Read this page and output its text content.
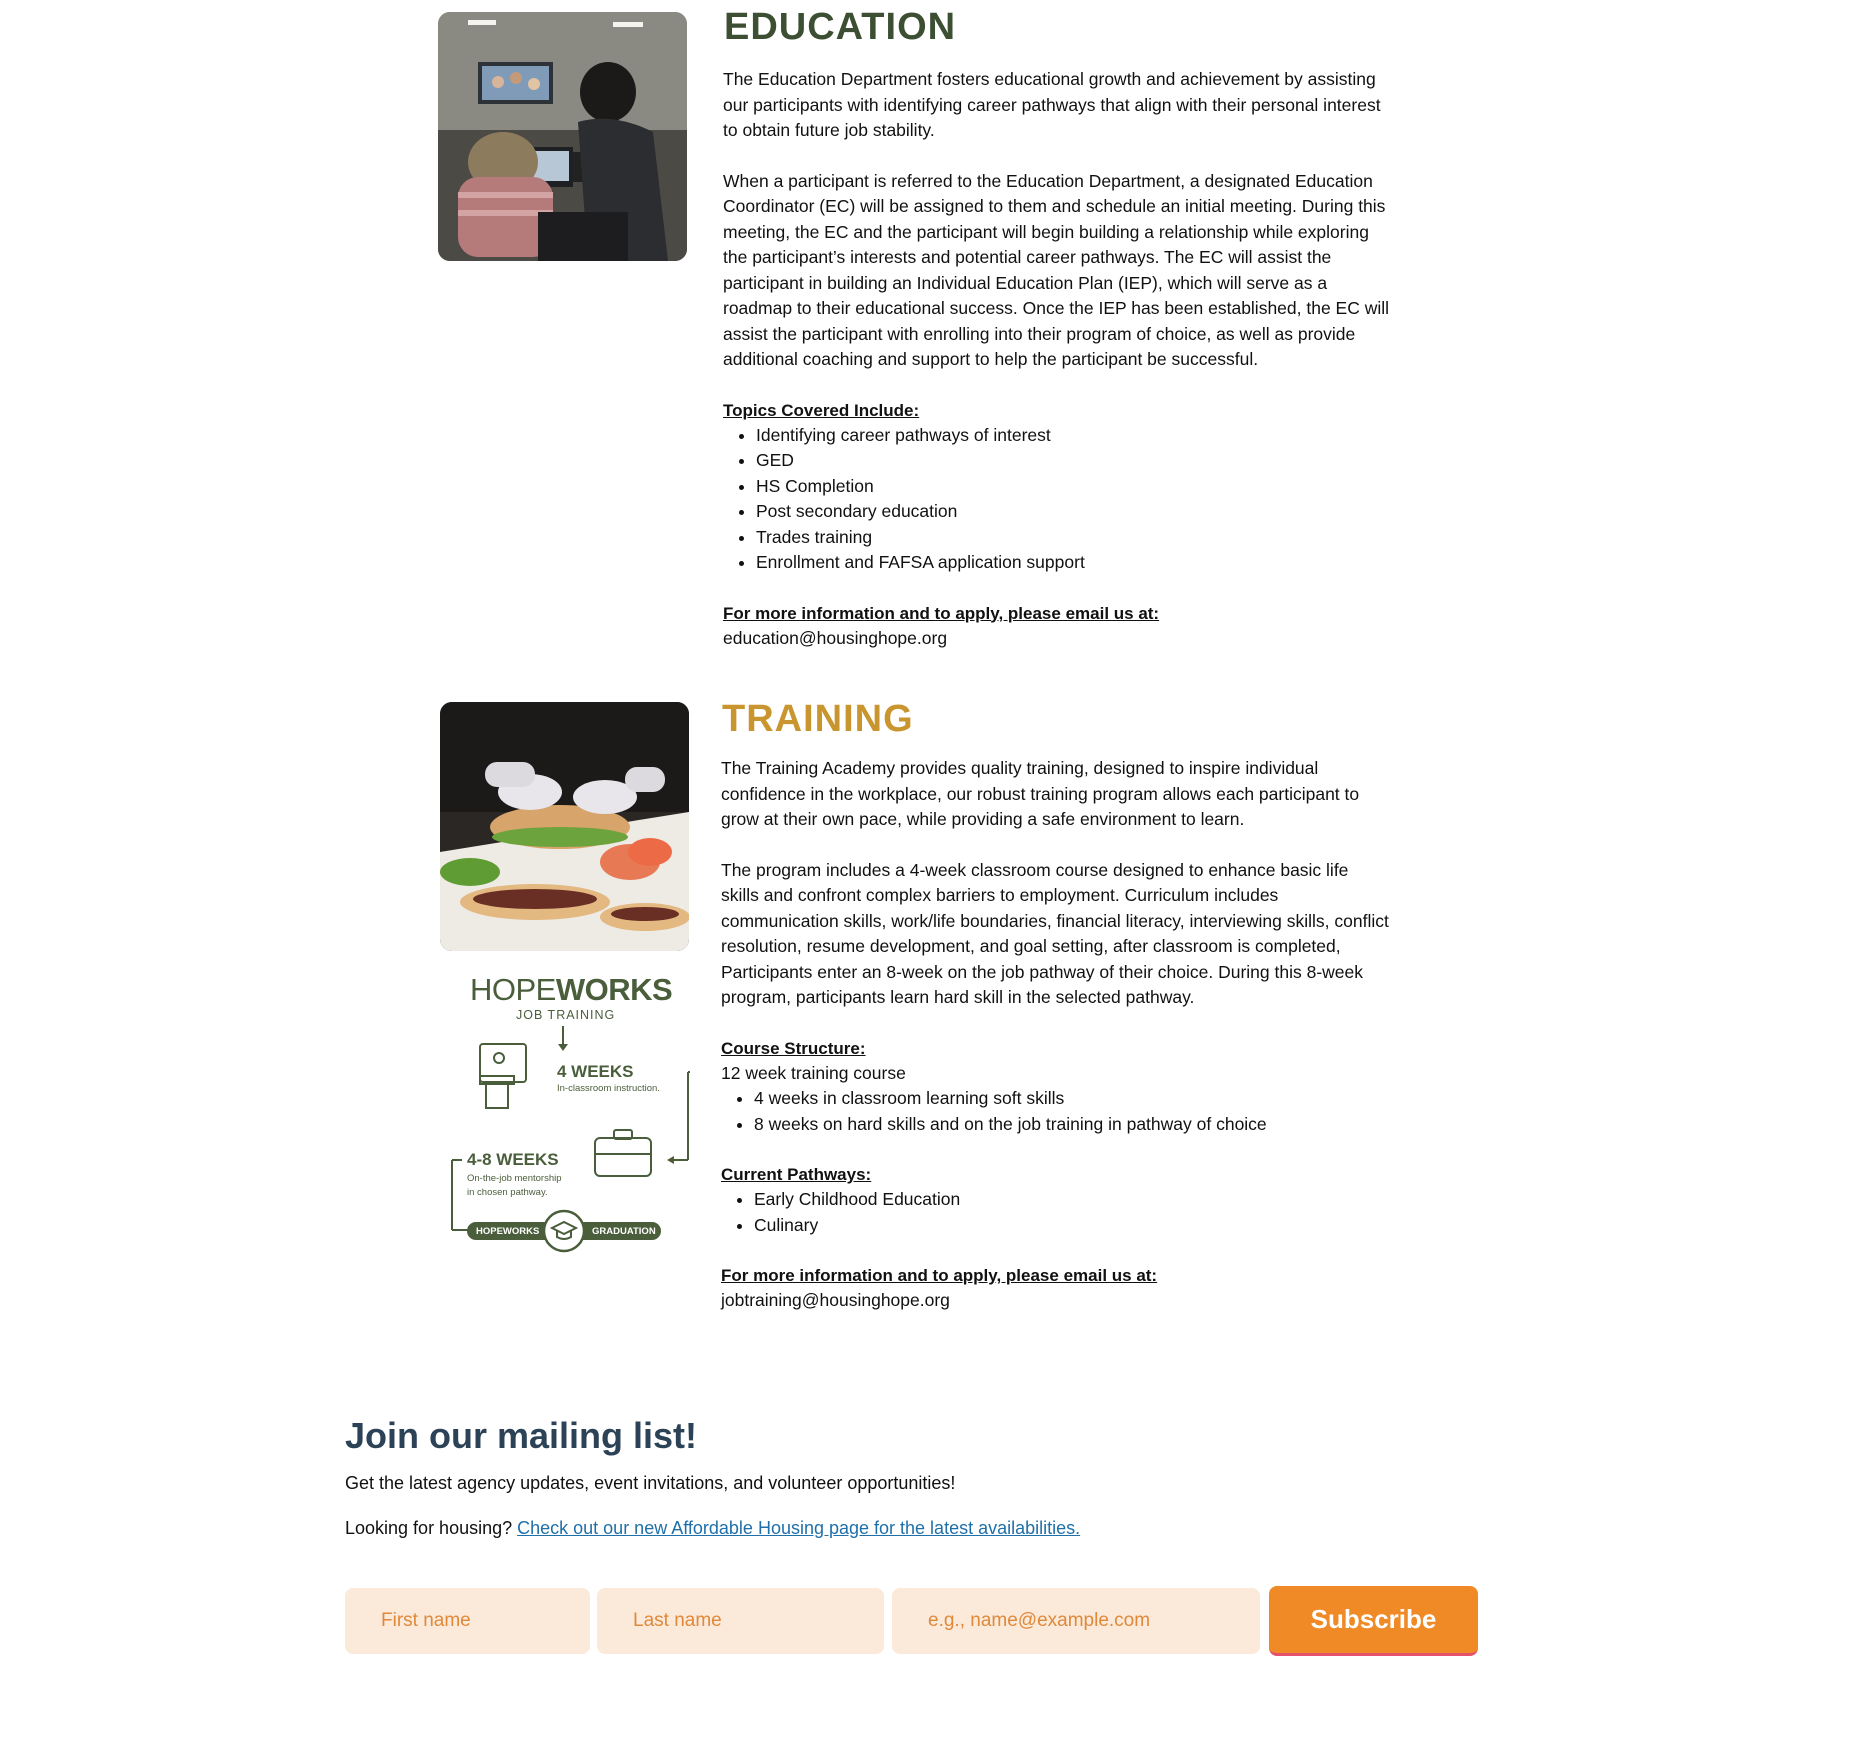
EDUCATION

The Education Department fosters educational growth and achievement by assisting our participants with identifying career pathways that align with their personal interest to obtain future job stability.

When a participant is referred to the Education Department, a designated Education Coordinator (EC) will be assigned to them and schedule an initial meeting. During this meeting, the EC and the participant will begin building a relationship while exploring the participant’s interests and potential career pathways. The EC will assist the participant in building an Individual Education Plan (IEP), which will serve as a roadmap to their educational success. Once the IEP has been established, the EC will assist the participant with enrolling into their program of choice, as well as provide additional coaching and support to help the participant be successful.

Topics Covered Include:

• Identifying career pathways of interest
• GED
• HS Completion
• Post secondary education
• Trades training
• Enrollment and FAFSA application support

For more information and to apply, please email us at:

education@housinghope.org

HOPEWORKS
JOB TRAINING
4 WEEKS
In-classroom instruction.
4-8 WEEKS
On-the-job mentorship
in chosen pathway.
HOPEWORKS	GRADUATION
TRAINING

The Training Academy provides quality training, designed to inspire individual confidence in the workplace, our robust training program allows each participant to grow at their own pace, while providing a safe environment to learn.

The program includes a 4-week classroom course designed to enhance basic life skills and confront complex barriers to employment. Curriculum includes communication skills, work/life boundaries, financial literacy, interviewing skills, conflict resolution, resume development, and goal setting, after classroom is completed, Participants enter an 8-week on the job pathway of their choice. During this 8-week program, participants learn hard skill in the selected pathway.

Course Structure:

12 week training course

• 4 weeks in classroom learning soft skills
• 8 weeks on hard skills and on the job training in pathway of choice

Current Pathways:

• Early Childhood Education
• Culinary

For more information and to apply, please email us at:

jobtraining@housinghope.org

Join our mailing list!

Get the latest agency updates, event invitations, and volunteer opportunities!

Looking for housing? Check out our new Affordable Housing page for the latest availabilities.

First name
Last name
e.g., name@example.com
Subscribe
